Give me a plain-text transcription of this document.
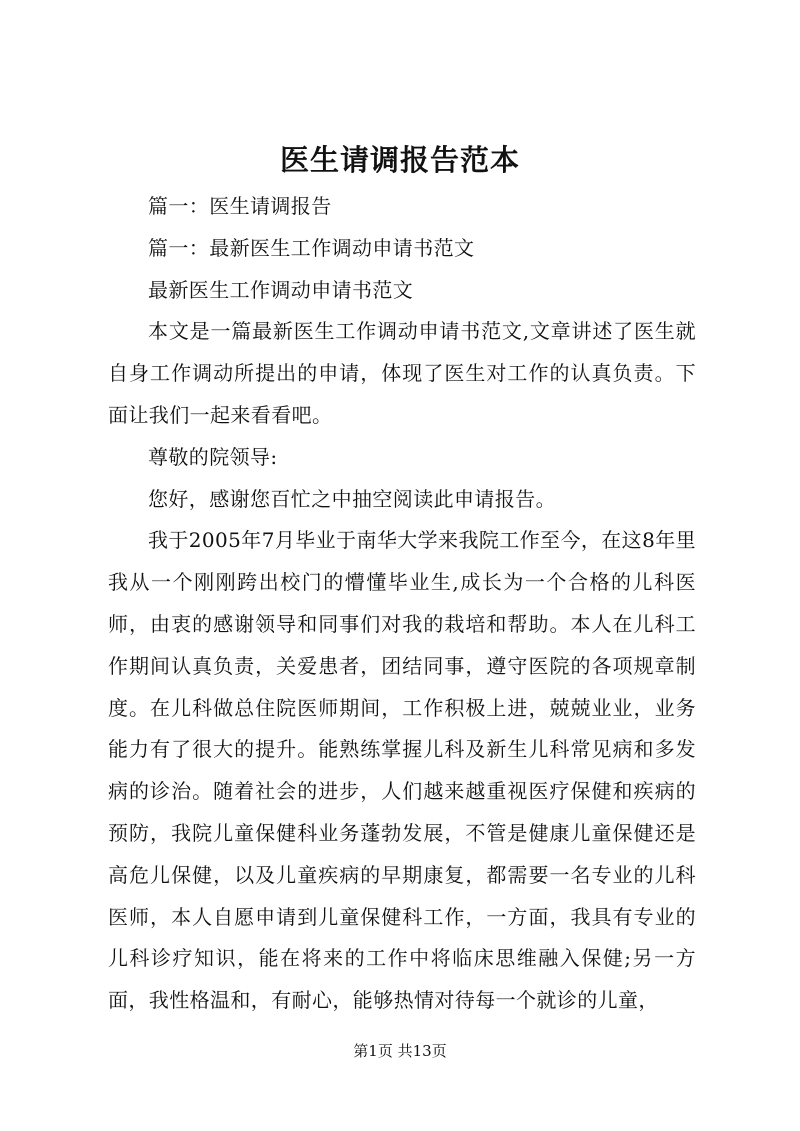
医生请调报告范本

篇一：医生请调报告

篇一：最新医生工作调动申请书范文

最新医生工作调动申请书范文

本文是一篇最新医生工作调动申请书范文,文章讲述了医生就自身工作调动所提出的申请，体现了医生对工作的认真负责。下面让我们一起来看看吧。

尊敬的院领导:

您好，感谢您百忙之中抽空阅读此申请报告。

我于2005年7月毕业于南华大学来我院工作至今，在这8年里我从一个刚刚跨出校门的懵懂毕业生,成长为一个合格的儿科医师，由衷的感谢领导和同事们对我的栽培和帮助。本人在儿科工作期间认真负责，关爱患者，团结同事，遵守医院的各项规章制度。在儿科做总住院医师期间，工作积极上进，兢兢业业，业务能力有了很大的提升。能熟练掌握儿科及新生儿科常见病和多发病的诊治。随着社会的进步，人们越来越重视医疗保健和疾病的预防，我院儿童保健科业务蓬勃发展，不管是健康儿童保健还是高危儿保健，以及儿童疾病的早期康复，都需要一名专业的儿科医师，本人自愿申请到儿童保健科工作，一方面，我具有专业的儿科诊疗知识，能在将来的工作中将临床思维融入保健;另一方面，我性格温和，有耐心，能够热情对待每一个就诊的儿童，

第1页 共13页
